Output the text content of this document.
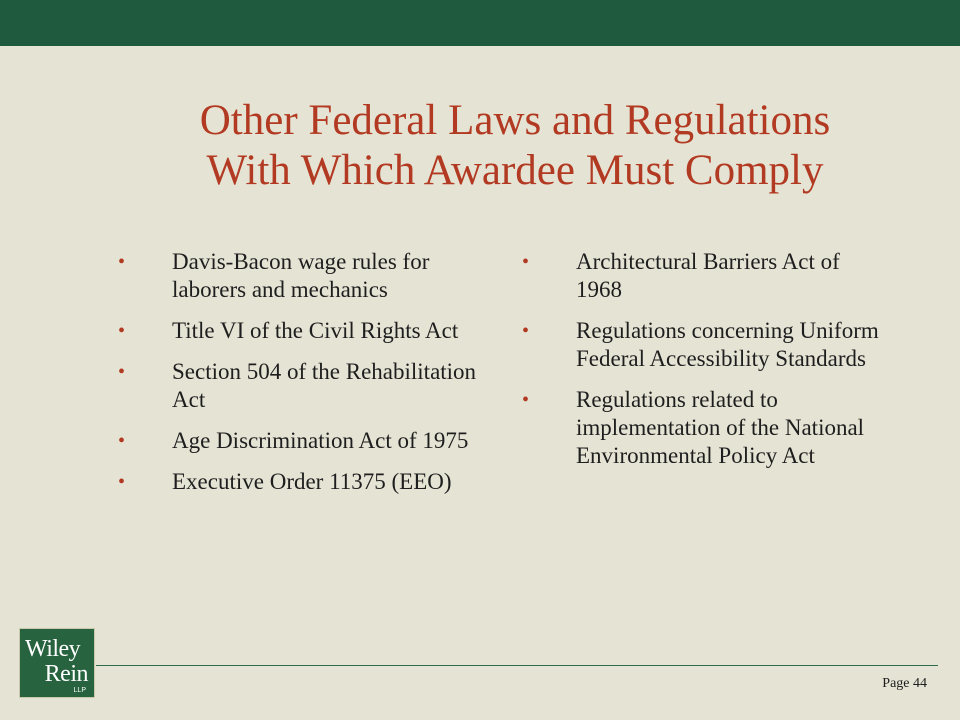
Other Federal Laws and Regulations
With Which Awardee Must Comply
• Davis-Bacon wage rules for laborers and mechanics
• Title VI of the Civil Rights Act
• Section 504 of the Rehabilitation Act
• Age Discrimination Act of 1975
• Executive Order 11375 (EEO)
• Architectural Barriers Act of 1968
• Regulations concerning Uniform Federal Accessibility Standards
• Regulations related to implementation of the National Environmental Policy Act
Wiley
Rein
LLP	Page 44
